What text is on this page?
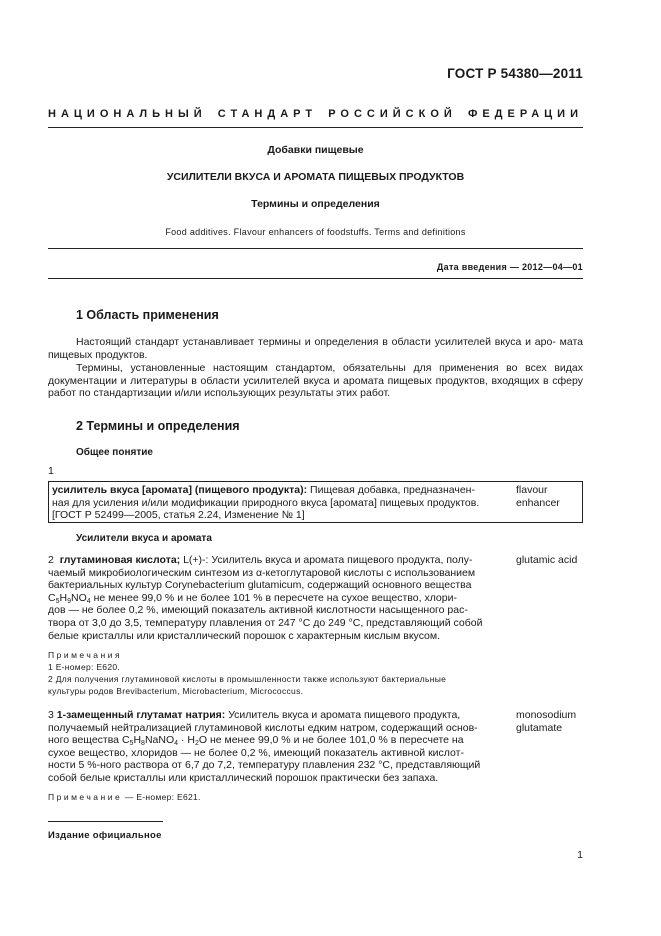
ГОСТ Р 54380—2011
НАЦИОНАЛЬНЫЙ СТАНДАРТ РОССИЙСКОЙ ФЕДЕРАЦИИ
Добавки пищевые
УСИЛИТЕЛИ ВКУСА И АРОМАТА ПИЩЕВЫХ ПРОДУКТОВ
Термины и определения
Food additives. Flavour enhancers of foodstuffs. Terms and definitions
Дата введения — 2012—04—01
1 Область применения
Настоящий стандарт устанавливает термины и определения в области усилителей вкуса и аро- мата пищевых продуктов.
Термины, установленные настоящим стандартом, обязательны для применения во всех видах документации и литературы в области усилителей вкуса и аромата пищевых продуктов, входящих в сферу работ по стандартизации и/или использующих результаты этих работ.
2 Термины и определения
Общее понятие
1
усилитель вкуса [аромата] (пищевого продукта): Пищевая добавка, предназначен-
ная для усиления и/или модификации природного вкуса [аромата] пищевых продуктов.
[ГОСТ Р 52499—2005, статья 2.24, Изменение № 1]
flavour
enhancer
Усилители вкуса и аромата
2 глутаминовая кислота; L(+)-: Усилитель вкуса и аромата пищевого продукта, полу-
чаемый микробиологическим синтезом из α-кетоглутаровой кислоты с использованием
бактериальных культур Corynebacterium glutamicum, содержащий основного вещества
$C_5H_9NO_4$ не менее 99,0 % и не более 101 % в пересчете на сухое вещество, хлори-
дов — не более 0,2 %, имеющий показатель активной кислотности насыщенного рас-
твора от 3,0 до 3,5, температуру плавления от 247 °С до 249 °С, представляющий собой
белые кристаллы или кристаллический порошок с характерным кислым вкусом.
glutamic acid
Примечания
1 Е-номер: Е620.
2 Для получения глутаминовой кислоты в промышленности также используют бактериальные
культуры родов Brevibacterium, Microbacterium, Micrococcus.
3 1-замещенный глутамат натрия: Усилитель вкуса и аромата пищевого продукта,
получаемый нейтрализацией глутаминовой кислоты едким натром, содержащий основ-
ного вещества $C_5H_8NaNO_4 \cdot H_2O$ не менее 99,0 % и не более 101,0 % в пересчете на
сухое вещество, хлоридов — не более 0,2 %, имеющий показатель активной кислот-
ности 5 %-ного раствора от 6,7 до 7,2, температуру плавления 232 °С, представляющий
собой белые кристаллы или кристаллический порошок практически без запаха.
monosodium
glutamate
Примечание — Е-номер: Е621.
Издание официальное
1
